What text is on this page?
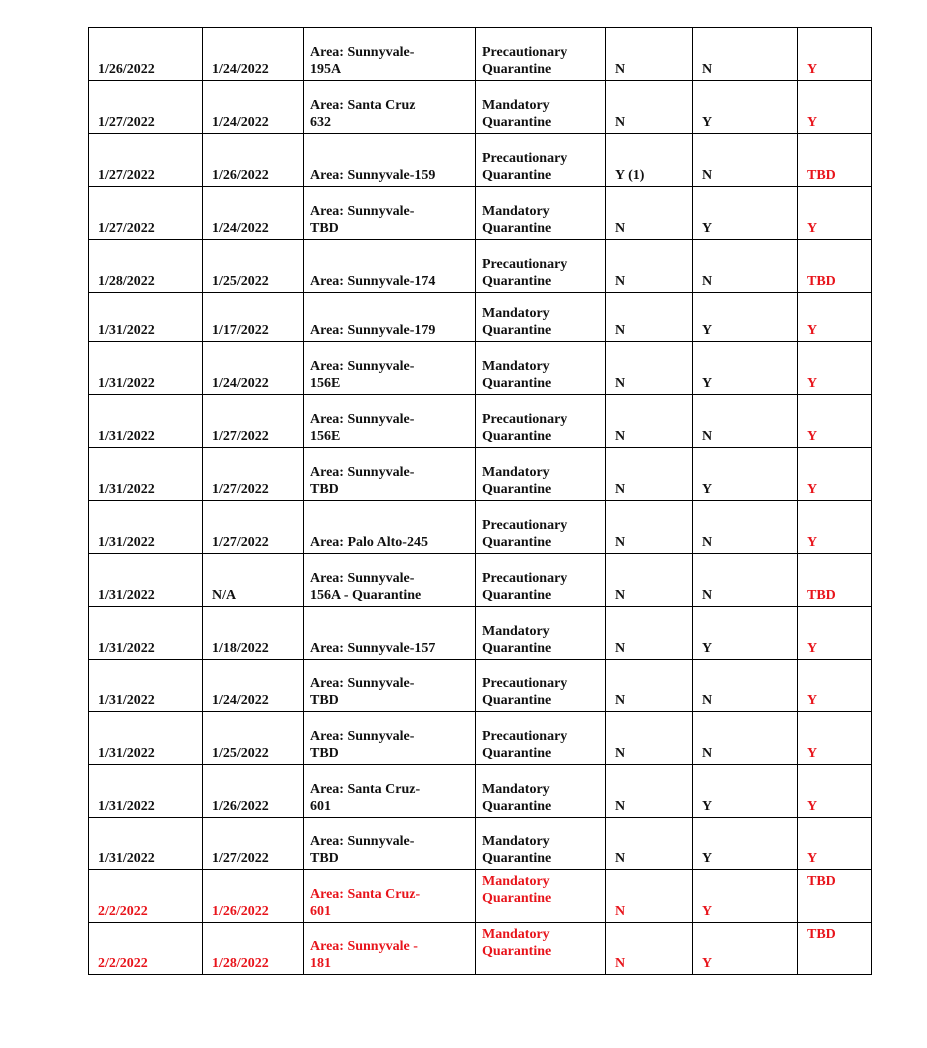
1/26/2022	1/24/2022	Area: Sunnyvale-
195A	Precautionary
Quarantine	N	N	Y
1/27/2022	1/24/2022	Area: Santa Cruz
632	Mandatory
Quarantine	N	Y	Y
1/27/2022	1/26/2022	Area: Sunnyvale-159	Precautionary
Quarantine	Y (1)	N	TBD
1/27/2022	1/24/2022	Area: Sunnyvale-
TBD	Mandatory
Quarantine	N	Y	Y
1/28/2022	1/25/2022	Area: Sunnyvale-174	Precautionary
Quarantine	N	N	TBD
1/31/2022	1/17/2022	Area: Sunnyvale-179	Mandatory
Quarantine	N	Y	Y
1/31/2022	1/24/2022	Area: Sunnyvale-
156E	Mandatory
Quarantine	N	Y	Y
1/31/2022	1/27/2022	Area: Sunnyvale-
156E	Precautionary
Quarantine	N	N	Y
1/31/2022	1/27/2022	Area: Sunnyvale-
TBD	Mandatory
Quarantine	N	Y	Y
1/31/2022	1/27/2022	Area: Palo Alto-245	Precautionary
Quarantine	N	N	Y
1/31/2022	N/A	Area: Sunnyvale-
156A - Quarantine	Precautionary
Quarantine	N	N	TBD
1/31/2022	1/18/2022	Area: Sunnyvale-157	Mandatory
Quarantine	N	Y	Y
1/31/2022	1/24/2022	Area: Sunnyvale-
TBD	Precautionary
Quarantine	N	N	Y
1/31/2022	1/25/2022	Area: Sunnyvale-
TBD	Precautionary
Quarantine	N	N	Y
1/31/2022	1/26/2022	Area: Santa Cruz-
601	Mandatory
Quarantine	N	Y	Y
1/31/2022	1/27/2022	Area: Sunnyvale-
TBD	Mandatory
Quarantine	N	Y	Y
2/2/2022	1/26/2022	Area: Santa Cruz-
601	Mandatory
Quarantine	N	Y	TBD
2/2/2022	1/28/2022	Area: Sunnyvale -
181	Mandatory
Quarantine	N	Y	TBD
